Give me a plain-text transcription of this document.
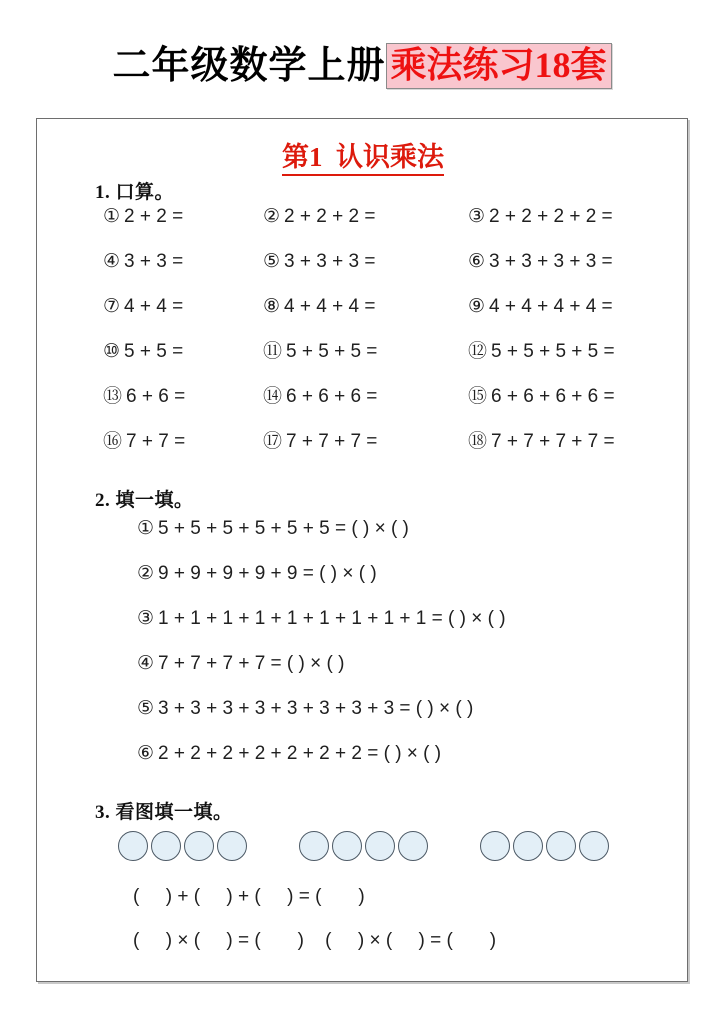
二年级数学上册 乘法练习18套
第1  认识乘法
1. 口算。
① 2 + 2 =	② 2 + 2 + 2 =	③ 2 + 2 + 2 + 2 =
④ 3 + 3 =	⑤ 3 + 3 + 3 =	⑥ 3 + 3 + 3 + 3 =
⑦ 4 + 4 =	⑧ 4 + 4 + 4 =	⑨ 4 + 4 + 4 + 4 =
⑩ 5 + 5 =	⑪ 5 + 5 + 5 =	⑫ 5 + 5 + 5 + 5 =
⑬ 6 + 6 =	⑭ 6 + 6 + 6 =	⑮ 6 + 6 + 6 + 6 =
⑯ 7 + 7 =	⑰ 7 + 7 + 7 =	⑱ 7 + 7 + 7 + 7 =
2. 填一填。
① 5 + 5 + 5 + 5 + 5 + 5 = ( ) × ( )
② 9 + 9 + 9 + 9 + 9 = ( ) × ( )
③ 1 + 1 + 1 + 1 + 1 + 1 + 1 + 1 + 1 = ( ) × ( )
④ 7 + 7 + 7 + 7 = ( ) × ( )
⑤ 3 + 3 + 3 + 3 + 3 + 3 + 3 + 3 = ( ) × ( )
⑥ 2 + 2 + 2 + 2 + 2 + 2 + 2 = ( ) × ( )
3. 看图填一填。
(     ) + (     ) + (     ) = (       )
(     ) × (     ) = (       )    (     ) × (     ) = (       )
